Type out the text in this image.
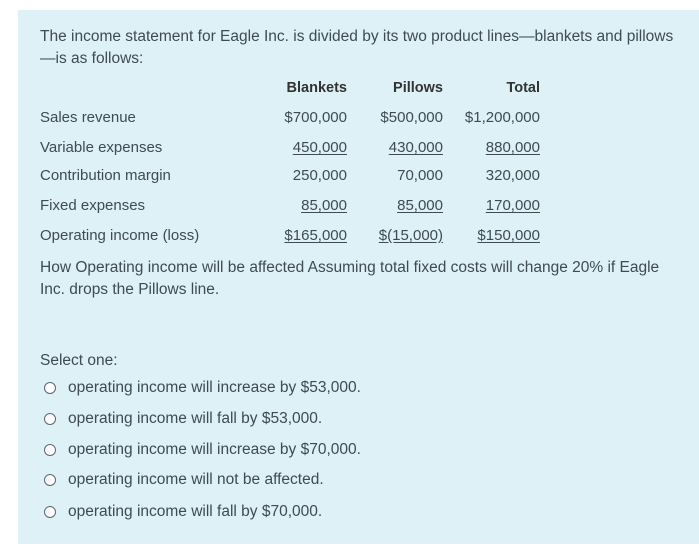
The income statement for Eagle Inc. is divided by its two product lines—blankets and pillows—is as follows:
Blankets	Pillows	Total
Sales revenue	$700,000 $500,000 $1,200,000
Variable expenses	450,000	430,000	880,000
Contribution margin	250,000	70,000	320,000
Fixed expenses	85,000	85,000	170,000
Operating income (loss)	$165,000 $(15,000) $150,000
How Operating income will be affected Assuming total fixed costs will change 20% if Eagle Inc. drops the Pillows line.
Select one:
operating income will increase by $53,000.
operating income will fall by $53,000.
operating income will increase by $70,000.
operating income will not be affected.
operating income will fall by $70,000.
